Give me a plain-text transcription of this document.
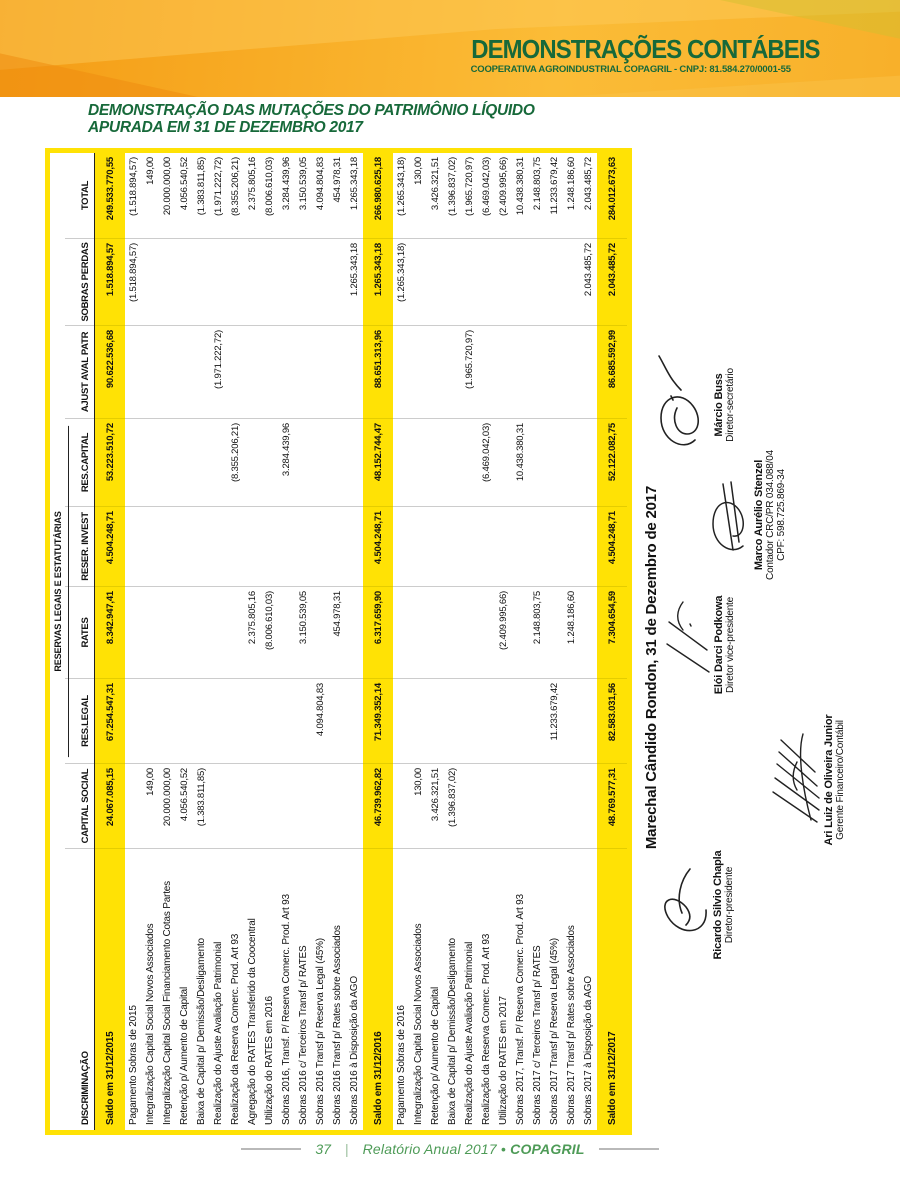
DEMONSTRAÇÕES CONTÁBEIS
COOPERATIVA AGROINDUSTRIAL COPAGRIL - CNPJ: 81.584.270/0001-55
DEMONSTRAÇÃO DAS MUTAÇÕES DO PATRIMÔNIO LÍQUIDO
APURADA EM 31 DE DEZEMBRO 2017
RESERVAS LEGAIS E ESTATUTÁRIAS
DISCRIMINAÇÃO
CAPITAL SOCIAL
RES.LEGAL
RATES
RESER. INVEST
RES.CAPITAL
AJUST AVAL PATR
SOBRAS PERDAS
TOTAL
Saldo em 31/12/2015
24.067.085,15
67.254.547,31
8.342.947,41
4.504.248,71
53.223.510,72
90.622.536,68
1.518.894,57
249.533.770,55
Pagamento Sobras de 2015
(1.518.894,57)
(1.518.894,57)
Integralização Capital Social Novos Associados
149,00
149,00
Integralização Capital Social Financiamento Cotas Partes
20.000.000,00
20.000.000,00
Retenção p/ Aumento de Capital
4.056.540,52
4.056.540,52
Baixa de Capital p/ Demissão/Desligamento
(1.383.811,85)
(1.383.811,85)
Realização do Ajuste Avaliação Patrimonial
(1.971.222,72)
(1.971.222,72)
Realização da Reserva Comerc. Prod. Art 93
(8.355.206,21)
(8.355.206,21)
Agregação do RATES Transferido da Coocentral
2.375.805,16
2.375.805,16
Utilização do RATES em 2016
(8.006.610,03)
(8.006.610,03)
Sobras 2016, Transf. P/ Reserva Comerc. Prod. Art 93
3.284.439,96
3.284.439,96
Sobras 2016 c/ Terceiros Transf p/ RATES
3.150.539,05
3.150.539,05
Sobras 2016 Transf p/ Reserva Legal (45%)
4.094.804,83
4.094.804,83
Sobras 2016 Transf p/ Rates sobre Associados
454.978,31
454.978,31
Sobras 2016 à Disposição da AGO
1.265.343,18
1.265.343,18
Saldo em 31/12/2016
46.739.962,82
71.349.352,14
6.317.659,90
4.504.248,71
48.152.744,47
88.651.313,96
1.265.343,18
266.980.625,18
Pagamento Sobras de 2016
(1.265.343,18)
(1.265.343,18)
Integralização Capital Social Novos Associados
130,00
130,00
Retenção p/ Aumento de Capital
3.426.321,51
3.426.321,51
Baixa de Capital p/ Demissão/Desligamento
(1.396.837,02)
(1.396.837,02)
Realização do Ajuste Avaliação Patrimonial
(1.965.720,97)
(1.965.720,97)
Realização da Reserva Comerc. Prod. Art 93
(6.469.042,03)
(6.469.042,03)
Utilização do RATES em 2017
(2.409.995,66)
(2.409.995,66)
Sobras 2017, Transf. P/ Reserva Comerc. Prod. Art 93
10.438.380,31
10.438.380,31
Sobras 2017 c/ Terceiros Transf p/ RATES
2.148.803,75
2.148.803,75
Sobras 2017 Transf p/ Reserva Legal (45%)
11.233.679,42
11.233.679,42
Sobras 2017 Transf p/ Rates sobre Associados
1.248.186,60
1.248.186,60
Sobras 2017 à Disposição da AGO
2.043.485,72
2.043.485,72
Saldo em 31/12/2017
48.769.577,31
82.583.031,56
7.304.654,59
4.504.248,71
52.122.082,75
86.685.592,99
2.043.485,72
284.012.673,63
Marechal Cândido Rondon, 31 de Dezembro de 2017
Ricardo Silvio Chapla Diretor-presidente
Elói Darci Podkowa Diretor vice-presidente
Márcio Buss Diretor-secretário
Marco Aurélio Stenzel Contador CRC/PR 034.088/04 CPF: 598.725.869-34
Ari Luiz de Oliveira Junior Gerente Financeiro/Contábil
37 | Relatório Anual 2017 • COPAGRIL
